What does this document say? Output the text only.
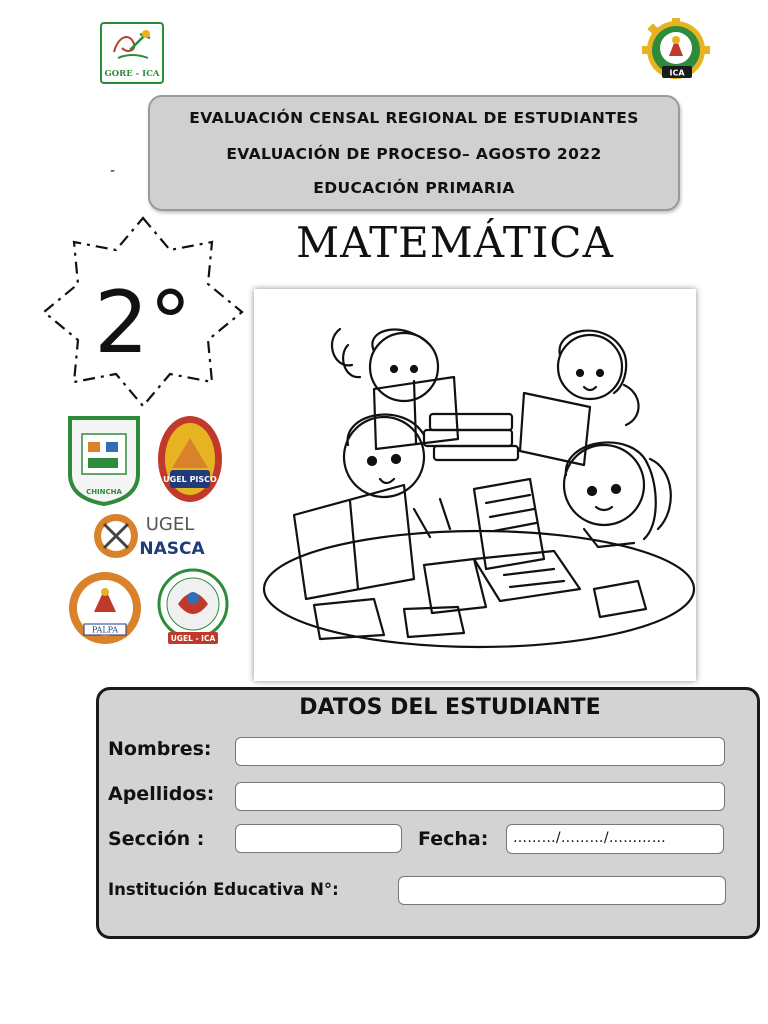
GORE - ICA	ICA
EVALUACIÓN CENSAL REGIONAL DE ESTUDIANTES
EVALUACIÓN DE PROCESO– AGOSTO 2022
EDUCACIÓN PRIMARIA
-
MATEMÁTICA
2°
CHINCHA
UGEL PISCO
UGEL
NASCA
PALPA
UGEL - ICA
DATOS DEL ESTUDIANTE
Nombres:
Apellidos:
Sección :	Fecha:	………/………/…………
Institución Educativa N°:
